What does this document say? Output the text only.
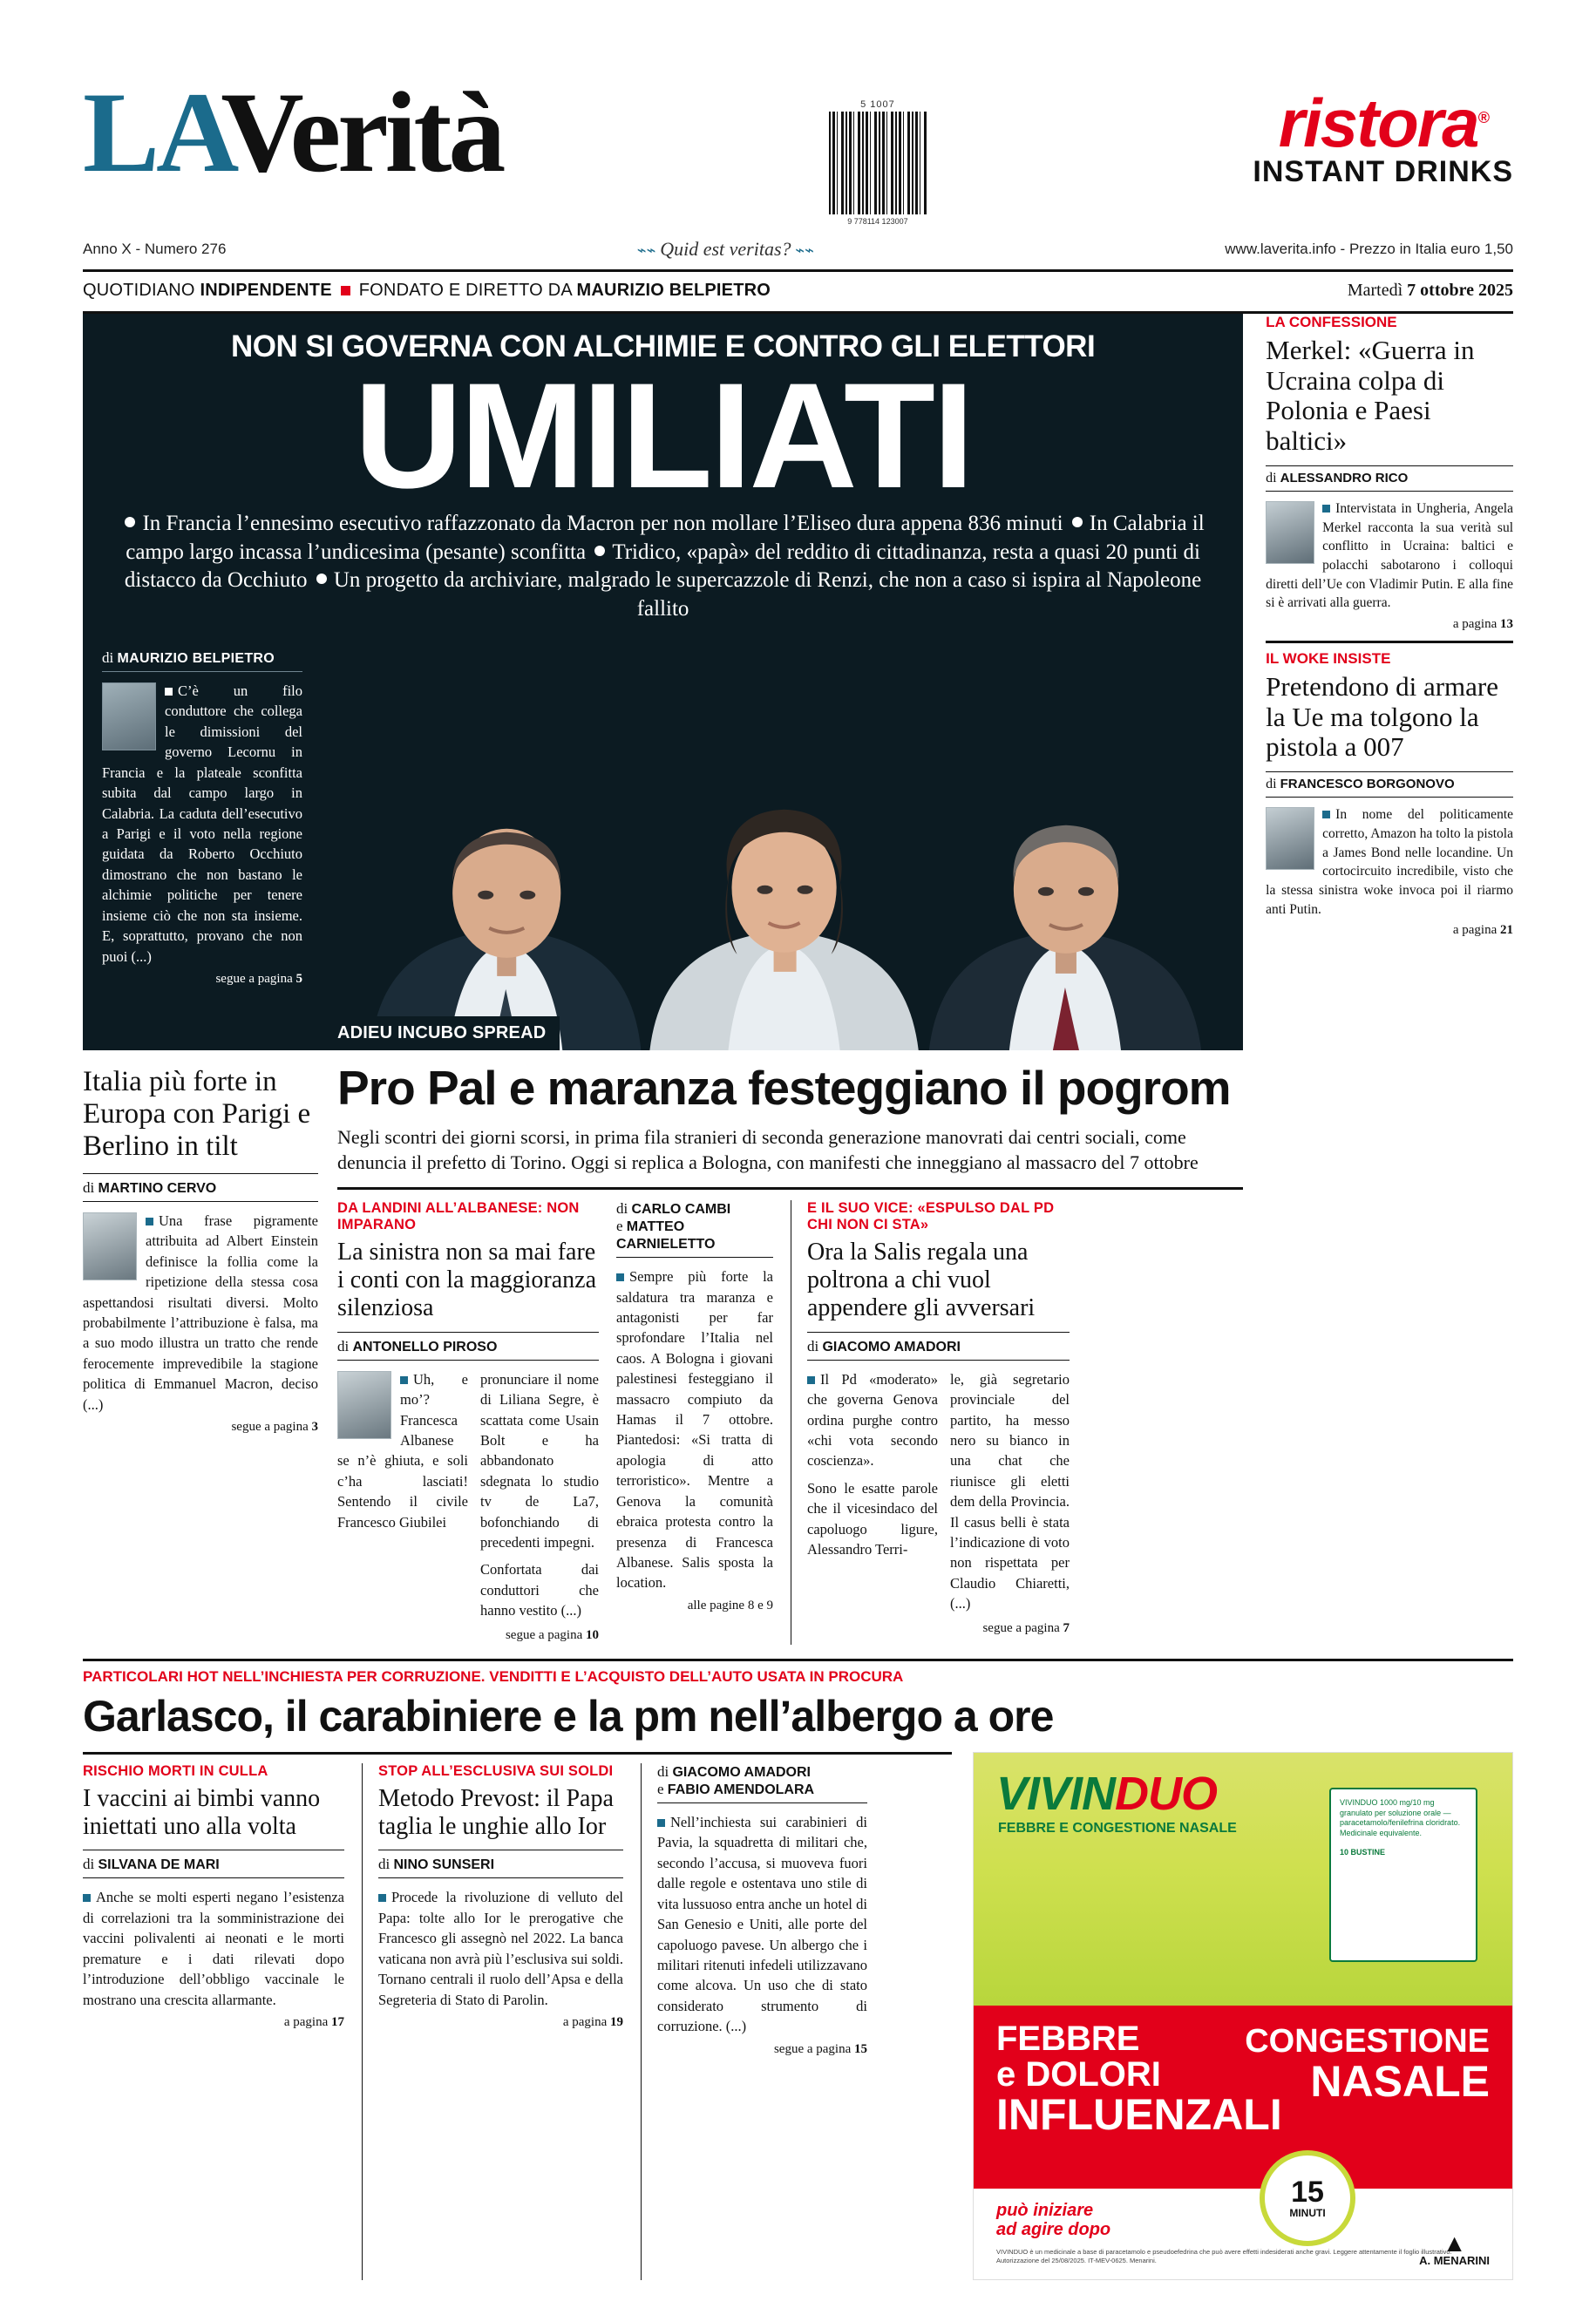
LAVerità	5 1007
9 778114 123007
ristora®
INSTANT DRINKS
Anno X - Numero 276	⌁⌁ Quid est veritas? ⌁⌁	www.laverita.info - Prezzo in Italia euro 1,50
QUOTIDIANO INDIPENDENTE FONDATO E DIRETTO DA MAURIZIO BELPIETRO	Martedì 7 ottobre 2025
NON SI GOVERNA CON ALCHIMIE E CONTRO GLI ELETTORI
UMILIATI
In Francia l’ennesimo esecutivo raffazzonato da Macron per non mollare l’Eliseo dura appena 836 minuti In Calabria il campo largo incassa l’undicesima (pesante) sconfitta Tridico, «papà» del reddito di cittadinanza, resta a quasi 20 punti di distacco da Occhiuto Un progetto da archiviare, malgrado le supercazzole di Renzi, che non a caso si ispira al Napoleone fallito
di MAURIZIO BELPIETRO
C’è un filo conduttore che collega le dimissioni del governo Lecornu in Francia e la plateale sconfitta subita dal campo largo in Calabria. La caduta dell’esecutivo a Parigi e il voto nella regione guidata da Roberto Occhiuto dimostrano che non bastano le alchimie politiche per tenere insieme ciò che non sta insieme. E, soprattutto, provano che non puoi (...)
segue a pagina 5
ADIEU INCUBO SPREAD
Italia più forte in Europa con Parigi e Berlino in tilt
di MARTINO CERVO
Una frase pigramente attribuita ad Albert Einstein definisce la follia come la ripetizione della stessa cosa aspettandosi risultati diversi. Molto probabilmente l’attribuzione è falsa, ma a suo modo illustra un tratto che rende ferocemente imprevedibile la stagione politica di Emmanuel Macron, deciso (...)
segue a pagina 3
Pro Pal e maranza festeggiano il pogrom
Negli scontri dei giorni scorsi, in prima fila stranieri di seconda generazione manovrati dai centri sociali, come denuncia il prefetto di Torino. Oggi si replica a Bologna, con manifesti che inneggiano al massacro del 7 ottobre
DA LANDINI ALL’ALBANESE: NON IMPARANO
La sinistra non sa mai fare i conti con la maggioranza silenziosa
di ANTONELLO PIROSO
Uh, e mo’? Francesca Albanese se n’è ghiuta, e soli c’ha lasciati! Sentendo il civile Francesco Giubilei
pronunciare il nome di Liliana Segre, è scattata come Usain Bolt e ha abbandonato sdegnata lo studio tv de La7, bofonchiando di precedenti impegni.
Confortata dai conduttori che hanno vestito (...)
segue a pagina 10
di CARLO CAMBI
e MATTEO CARNIELETTO
Sempre più forte la saldatura tra maranza e antagonisti per far sprofondare l’Italia nel caos. A Bologna i giovani palestinesi festeggiano il massacro compiuto da Hamas il 7 ottobre. Piantedosi: «Si tratta di apologia di atto terroristico». Mentre a Genova la comunità ebraica protesta contro la presenza di Francesca Albanese. Salis sposta la location.
alle pagine 8 e 9
E IL SUO VICE: «ESPULSO DAL PD CHI NON CI STA»
Ora la Salis regala una poltrona a chi vuol appendere gli avversari
di GIACOMO AMADORI
Il Pd «moderato» che governa Genova ordina purghe contro «chi vota secondo coscienza».
Sono le esatte parole che il vicesindaco del capoluogo ligure, Alessandro Terri-
le, già segretario provinciale del partito, ha messo nero su bianco in una chat che riunisce gli eletti dem della Provincia. Il casus belli è stata l’indicazione di voto non rispettata per Claudio Chiaretti, (...)
segue a pagina 7
LA CONFESSIONE
Merkel: «Guerra in Ucraina colpa di Polonia e Paesi baltici»
di ALESSANDRO RICO
Intervistata in Ungheria, Angela Merkel racconta la sua verità sul conflitto in Ucraina: baltici e polacchi sabotarono i colloqui diretti dell’Ue con Vladimir Putin. E alla fine si è arrivati alla guerra.
a pagina 13
IL WOKE INSISTE
Pretendono di armare la Ue ma tolgono la pistola a 007
di FRANCESCO BORGONOVO
In nome del politicamente corretto, Amazon ha tolto la pistola a James Bond nelle locandine. Un cortocircuito incredibile, visto che la stessa sinistra woke invoca poi il riarmo anti Putin.
a pagina 21
PARTICOLARI HOT NELL’INCHIESTA PER CORRUZIONE. VENDITTI E L’ACQUISTO DELL’AUTO USATA IN PROCURA
Garlasco, il carabiniere e la pm nell’albergo a ore
RISCHIO MORTI IN CULLA
I vaccini ai bimbi vanno iniettati uno alla volta
di SILVANA DE MARI
Anche se molti esperti negano l’esistenza di correlazioni tra la somministrazione dei vaccini polivalenti ai neonati e le morti premature e i dati rilevati dopo l’introduzione dell’obbligo vaccinale le mostrano una crescita allarmante.
a pagina 17
STOP ALL’ESCLUSIVA SUI SOLDI
Metodo Prevost: il Papa taglia le unghie allo Ior
di NINO SUNSERI
Procede la rivoluzione di velluto del Papa: tolte allo Ior le prerogative che Francesco gli assegnò nel 2022. La banca vaticana non avrà più l’esclusiva sui soldi. Tornano centrali il ruolo dell’Apsa e della Segreteria di Stato di Parolin.
a pagina 19
di GIACOMO AMADORI
e FABIO AMENDOLARA
Nell’inchiesta sui carabinieri di Pavia, la squadretta di militari che, secondo l’accusa, si muoveva fuori dalle regole e ostentava uno stile di vita lussuoso entra anche un hotel di San Genesio e Uniti, alle porte del capoluogo pavese. Un albergo che i militari ritenuti infedeli utilizzavano come alcova. Un uso che di stato considerato strumento di corruzione. (...)
segue a pagina 15
VIVINDUO
FEBBRE E CONGESTIONE NASALE
VIVINDUO 1000 mg/10 mg granulato per soluzione orale — paracetamolo/fenilefrina cloridrato. Medicinale equivalente.
10 BUSTINE
FEBBRE
e DOLORI
INFLUENZALI
CONGESTIONE
NASALE
può iniziare
ad agire dopo
15
MINUTI
VIVINDUO è un medicinale a base di paracetamolo e pseudoefedrina che può avere effetti indesiderati anche gravi. Leggere attentamente il foglio illustrativo. Autorizzazione del 25/08/2025. IT-MEV-0625. Menarini.
▲
A. MENARINI
